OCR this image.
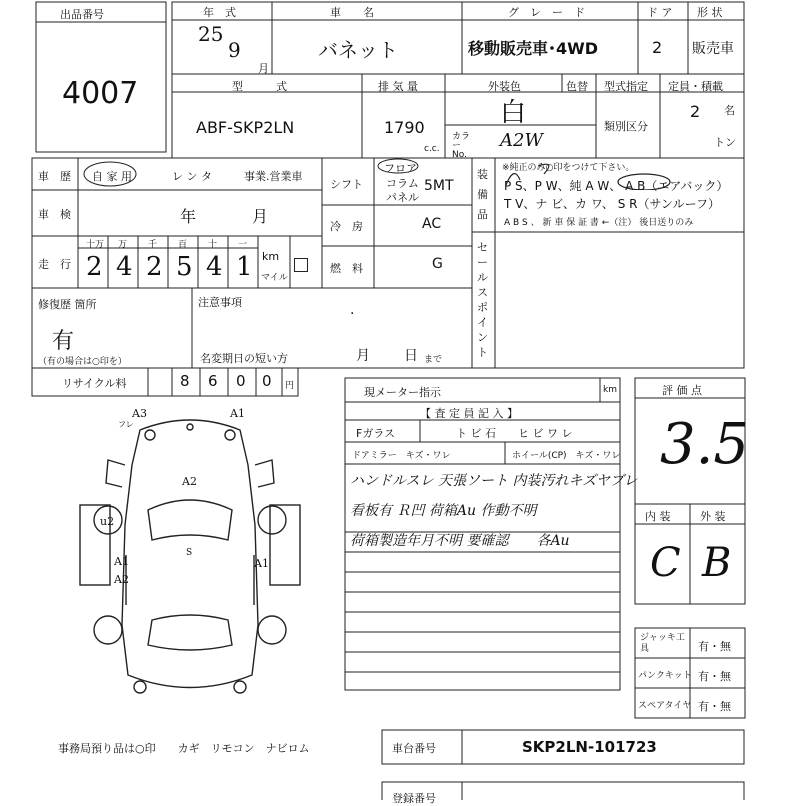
出品番号
4007
年　式
25
9
月
車　　名
バネット
グ　レ　ー　ド
移動販売車･4WD
ド ア
2
形 状
販売車
型　　　式
ABF-SKP2LN
排 気 量
1790
c.c.
外装色	色替
白
カラー No.
A2W
型式指定
類別区分
定員・積載
2 名
トン
車　歴 自 家 用	レ ン タ	事業.営業車
車　検	年	月
走　行
十万 万 千 百 十 一
2 4 2 5 4 1 km
マイル
シフト
フロア
コラム
パネル
5MT
冷　房	AC
燃　料	G
装備品
※純正のみ○印をつけて下さい。
P S、P W、純 A W、 A B（エアバック）
T V、ナ ビ、カ ワ、 S R（サンルーフ）
A B S 、 新 車 保 証 書 ←（注） 後日送りのみ
セールスポイント
修復歴 箇所
有
（有の場合は○印を）
注意事項
·
名変期日の短い方	月 日 まで
リサイクル料	8 6 0 0 円
A3	A1
フレ
A2
u2
S
A1
A2
A1
現メーター指示	km
【 査 定 員 記 入 】
Fガラス	ト ビ 石　　ヒ ビ ワ レ
ドアミラー　キズ・ワレ	ホイール(CP)　キズ・ワレ
ハンドルスレ 天張ソート 内装汚れキズヤブレ
看板有 Ｒ凹 荷箱Au 作動不明
荷箱製造年月不明 要確認　　各Au
評 価 点
3.5
内 装	外 装
C B
ジャッキ工具	有・無
パンクキット 有・無
スペアタイヤ 有・無
事務局預り品は○印　　カギ　リモコン　ナビロム	車台番号	SKP2LN-101723
登録番号
